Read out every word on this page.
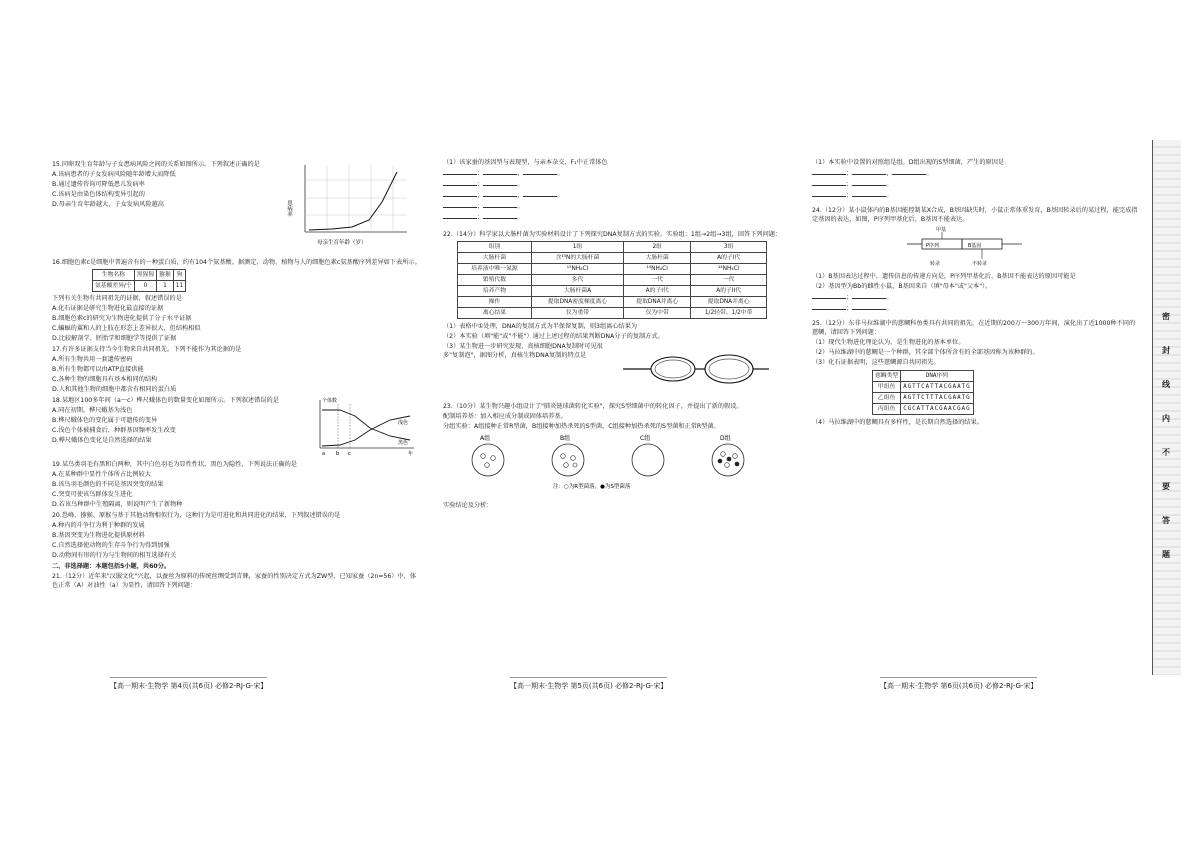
15.同卵双生育年龄与子女患病风险之间的关系如图所示。下列叙述正确的是

A.该病患者的子女发病风险随年龄增大而降低

B.通过遗传咨询可降低患儿发病率

C.该病是由染色体结构变异引起的

D.母亲生育年龄越大，子女发病风险越高

母亲生育年龄（岁）
患病率

16.细胞色素c是细胞中普遍含有的一种蛋白质，约有104个氨基酸。据测定，动物、植物与人的细胞色素c氨基酸序列差异如下表所示。

生物名称	黑猩猩	猕猴	狗
氨基酸差异/个	0	1	11

下列有关生物有共同祖先的证据，叙述错误的是

A.化石证据是研究生物进化最直接的证据

B.细胞色素c的研究为生物进化提供了分子水平证据

C.蝙蝠的翼和人的上肢在形态上差异很大，但结构相似

D.比较解剖学、胚胎学和细胞学等提供了证据

17.有许多证据支持当今生物来自共同祖先。下列不能作为其论据的是

A.所有生物共用一套遗传密码

B.所有生物都可以由ATP直接供能

C.各种生物的细胞具有基本相同的结构

D.人和其他生物的细胞中都含有相同的蛋白质

18.某地区100多年间（a～c）桦尺蛾体色的数量变化如图所示。下列叙述错误的是

A.同在初期，桦尺蛾基为浅色

B.桦尺蛾体色的变化属于可遗传的变异

C.浅色个体被捕食后，种群基因频率发生改变

D.桦尺蛾体色变化是自然选择的结果

个体数
浅色
黑色
a b c	年

19.某鸟类羽毛有黑和白两种，其中白色羽毛为显性性状，黑色为隐性，下列说法正确的是

A.在某种群中显性个体所占比例较大

B.该鸟羽毛颜色的不同是基因突变的结果

C.突变可使该鸟群体发生进化

D.若该鸟种群中生殖隔离，则说明产生了新物种

20.恐峰、猕猴、原猴与基于其他动物相似行为，这种行为是可进化和共同进化的结果，下列叙述错误的是

A.种内的斗争行为利于种群的发展

B.基因突变为生物进化提供原材料

C.自然选择使动物的生存斗争行为得到加强

D.动物间有形的行为与生物间的相互选择有关

二、非选择题：本题包括5小题，共60分。

21.（12分）近年来"汉服文化"兴起，以蚕丝为原料的传统丝绸受到青睐，家蚕的性别决定方式为ZW型，已知家蚕（2n=56）中，体色正常（A）对油性（a）为显性，请回答下列问题：

（1）该家蚕的基因型与表现型，与亲本杂交，F₁中正常体色

；	，	。

；	。

；	，	。

；	。

；	。

22.（14分）科学家以大肠杆菌为实验材料设计了下列探究DNA复制方式的实验，实验组：1组→2组→3组，回答下列问题：

组别	1组	2组	3组
大肠杆菌	含¹⁵N的大肠杆菌	大肠杆菌	A的子I代
培养液中唯一氮源	¹⁵NH₄Cl	¹⁴NH₄Cl	¹⁴NH₄Cl
繁殖代数	多代	一代	一代
培养产物	大肠杆菌A	A的子I代	A的子II代
操作	提取DNA密度梯度离心	提取DNA并离心	提取DNA并离心
离心结果	仅为重带	仅为中带	1/2轻带、1/2中带

（1）表格中①处理，DNA的复制方式为半保留复制，则3组离心结果为

（2）本实验（填"能"或"不能"）通过上述过程的结果判断DNA分子的复制方式。

（3）某生物进一步研究发现，真核细胞DNA复制时可见很多"复制泡"，据图分析，真核生物DNA复制的特点是

23.（10分）某生物兴趣小组设计了"肺炎链球菌转化实验"，探究S型细菌中的转化因子，并提出了新的假设。

配制培养基：加入相应成分制成固体培养基。

分组实验：A组接种正常R型菌，B组接种加热杀死的S型菌，C组接种加热杀死的S型菌和正常R型菌。

A组	B组	C组	D组
注：○为R型菌落，●为S型菌落

实验结论及分析：

（1）本实验中设置的对照组是组。D组出现的S型细菌，产生的原因是

；	，	。

；	。

；	。

24.（12分）某小鼠体内的B基因能控制某X合成，B基因缺失时，小鼠正常体重发育，B基因转录后的某过程，能完成指定基因的表达，如图，P序列甲基化后，B基因不能表达。

甲基
P序列	B基因
转录	不转录

（1）B基因表达过程中，遗传信息的传递方向是，P序列甲基化后，B基因不能表达的原因可能是

（2）基因型为Bb的雌性小鼠，B基因来自（填"母本"或"父本"）。

；	。

；	。

25.（12分）东非马拉维湖中的慈鲷科鱼类具有共同的祖先，在近期的200万～300万年间，演化出了近1000种不同的慈鲷，请回答下列问题：

（1）现代生物进化理论认为，是生物进化的基本单位。

（2）马拉维湖中的慈鲷是一个种群，其全部个体所含有的全部基因称为该种群的。

（3）化石证据表明，这些慈鲷源自共同祖先。

慈鲷类型	DNA序列
甲组鱼	AGTTCATTACGAATG
乙组鱼	AGTTCTTTACGAATG
丙组鱼	CGCATTACGAACGAG

（4）马拉维湖中的慈鲷具有多样性，是长期自然选择的结果。

【高一期末·生物学 第4页(共6页) 必修2-RJ-G-宋】	【高一期末·生物学 第5页(共6页) 必修2-RJ-G-宋】	【高一期末·生物学 第6页(共6页) 必修2-RJ-G-宋】
密
封
线
内
不
要
答
题
